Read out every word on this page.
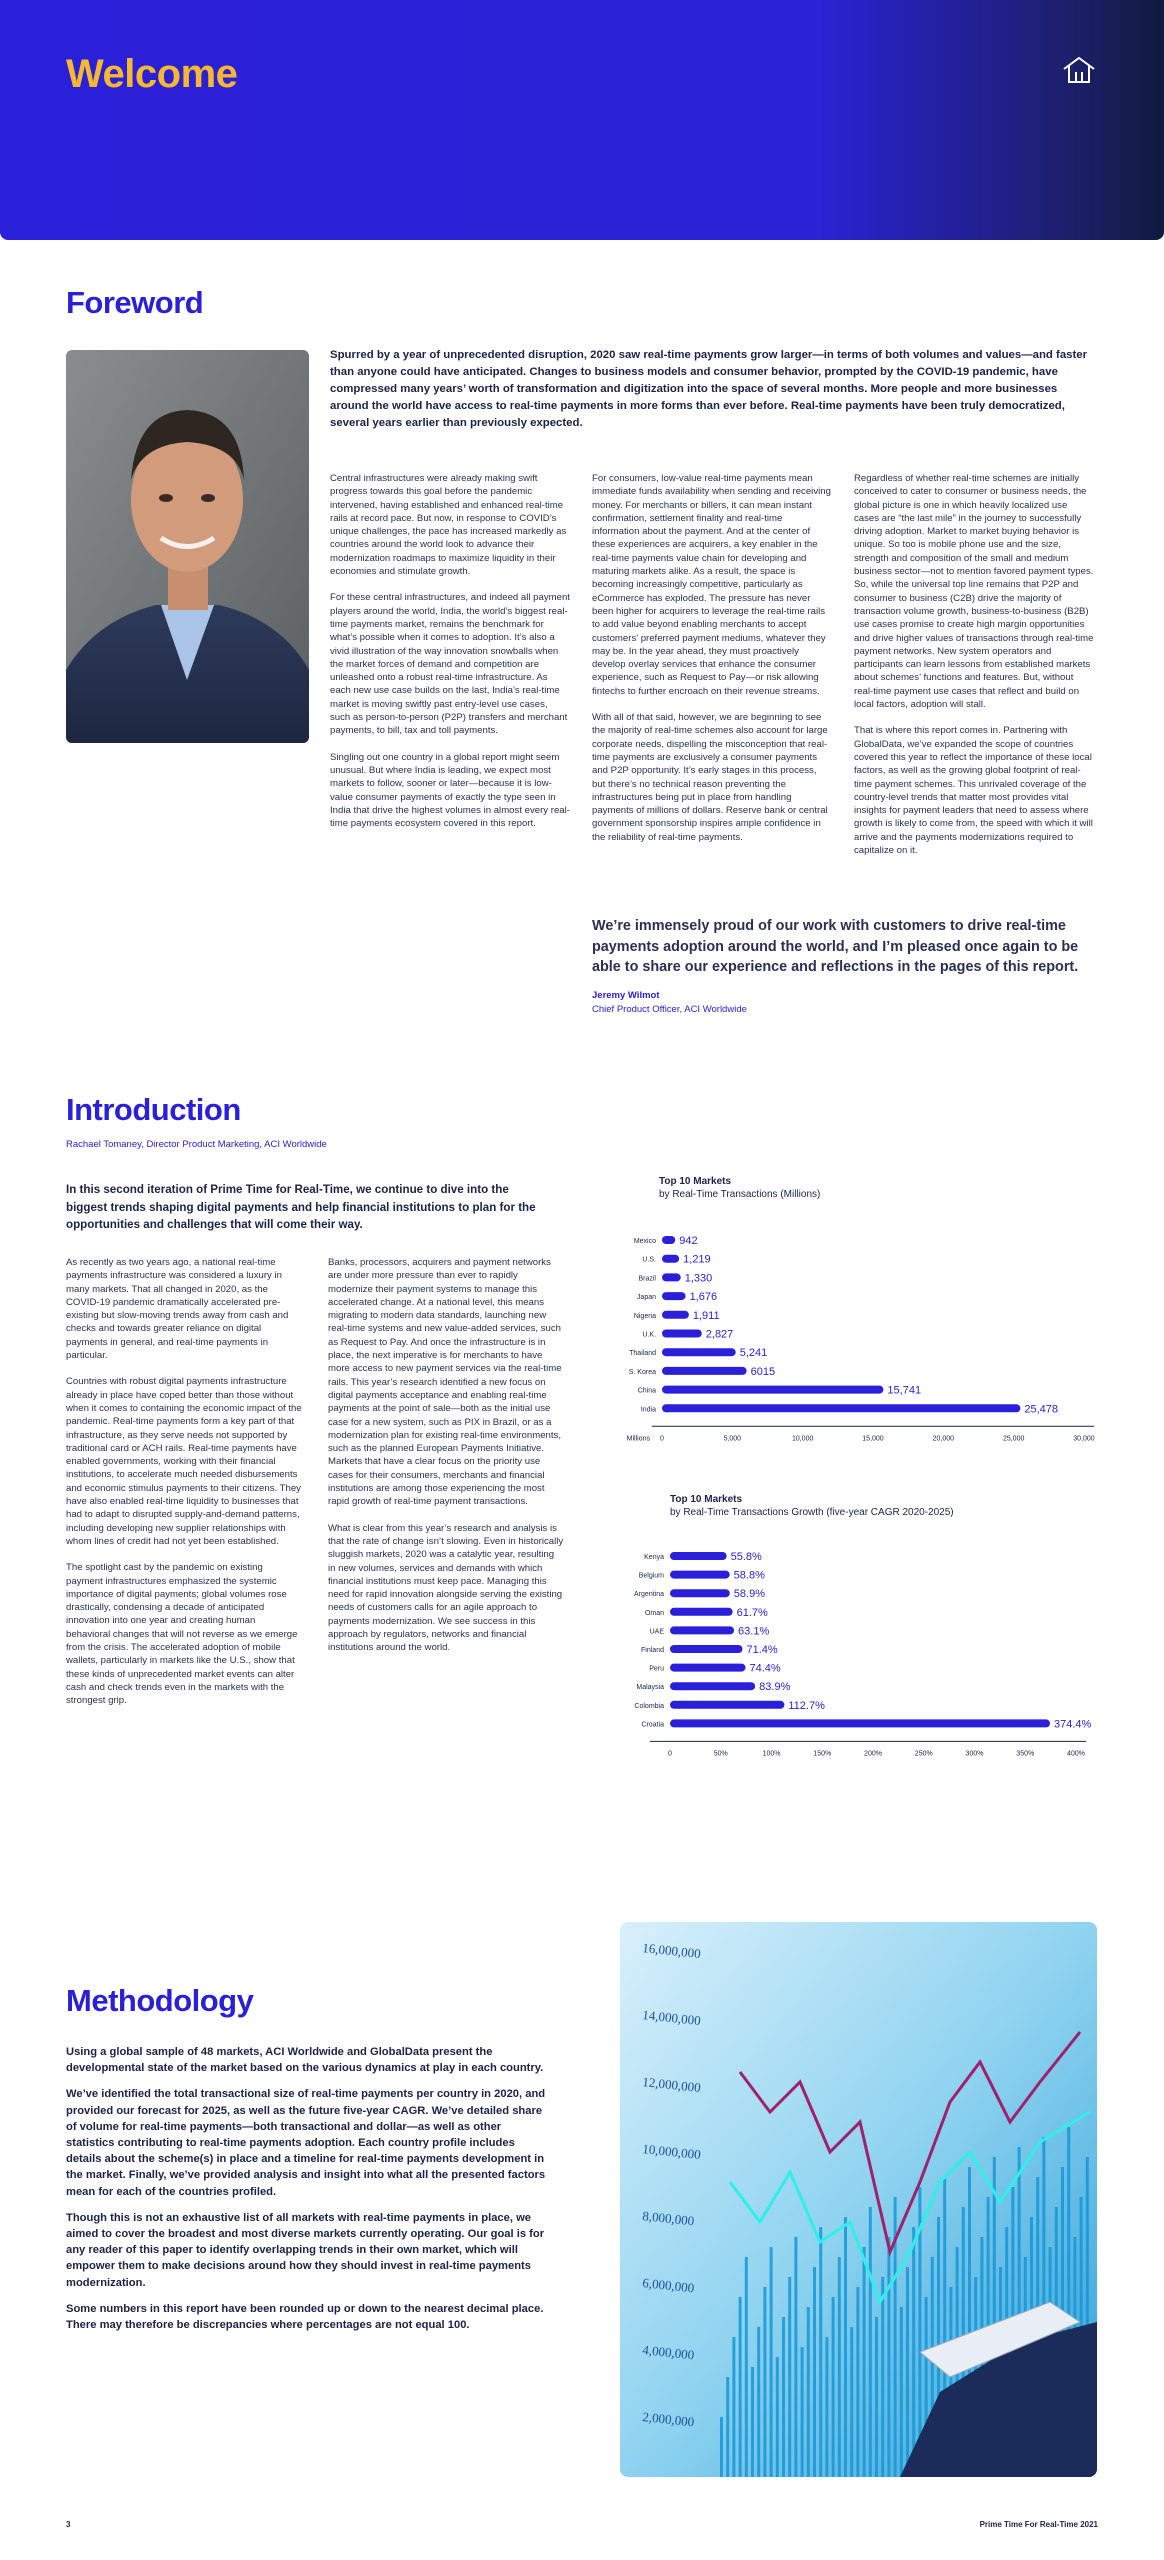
Welcome
Foreword
Spurred by a year of unprecedented disruption, 2020 saw real-time payments grow larger—in terms of both volumes and values—and faster than anyone could have anticipated. Changes to business models and consumer behavior, prompted by the COVID-19 pandemic, have compressed many years’ worth of transformation and digitization into the space of several months. More people and more businesses around the world have access to real-time payments in more forms than ever before. Real-time payments have been truly democratized, several years earlier than previously expected.

Central infrastructures were already making swift progress towards this goal before the pandemic intervened, having established and enhanced real-time rails at record pace. But now, in response to COVID’s unique challenges, the pace has increased markedly as countries around the world look to advance their modernization roadmaps to maximize liquidity in their economies and stimulate growth.

For these central infrastructures, and indeed all payment players around the world, India, the world’s biggest real-time payments market, remains the benchmark for what’s possible when it comes to adoption. It’s also a vivid illustration of the way innovation snowballs when the market forces of demand and competition are unleashed onto a robust real-time infrastructure. As each new use case builds on the last, India’s real-time market is moving swiftly past entry-level use cases, such as person-to-person (P2P) transfers and merchant payments, to bill, tax and toll payments.

Singling out one country in a global report might seem unusual. But where India is leading, we expect most markets to follow, sooner or later—because it is low-value consumer payments of exactly the type seen in India that drive the highest volumes in almost every real-time payments ecosystem covered in this report.

For consumers, low-value real-time payments mean immediate funds availability when sending and receiving money. For merchants or billers, it can mean instant confirmation, settlement finality and real-time information about the payment. And at the center of these experiences are acquirers, a key enabler in the real-time payments value chain for developing and maturing markets alike. As a result, the space is becoming increasingly competitive, particularly as eCommerce has exploded. The pressure has never been higher for acquirers to leverage the real-time rails to add value beyond enabling merchants to accept customers’ preferred payment mediums, whatever they may be. In the year ahead, they must proactively develop overlay services that enhance the consumer experience, such as Request to Pay—or risk allowing fintechs to further encroach on their revenue streams.

With all of that said, however, we are beginning to see the majority of real-time schemes also account for large corporate needs, dispelling the misconception that real-time payments are exclusively a consumer payments and P2P opportunity. It’s early stages in this process, but there’s no technical reason preventing the infrastructures being put in place from handling payments of millions of dollars. Reserve bank or central government sponsorship inspires ample confidence in the reliability of real-time payments.

Regardless of whether real-time schemes are initially conceived to cater to consumer or business needs, the global picture is one in which heavily localized use cases are “the last mile” in the journey to successfully driving adoption. Market to market buying behavior is unique. So too is mobile phone use and the size, strength and composition of the small and medium business sector—not to mention favored payment types. So, while the universal top line remains that P2P and consumer to business (C2B) drive the majority of transaction volume growth, business-to-business (B2B) use cases promise to create high margin opportunities and drive higher values of transactions through real-time payment networks. New system operators and participants can learn lessons from established markets about schemes’ functions and features. But, without real-time payment use cases that reflect and build on local factors, adoption will stall.

That is where this report comes in. Partnering with GlobalData, we’ve expanded the scope of countries covered this year to reflect the importance of these local factors, as well as the growing global footprint of real-time payment schemes. This unrivaled coverage of the country-level trends that matter most provides vital insights for payment leaders that need to assess where growth is likely to come from, the speed with which it will arrive and the payments modernizations required to capitalize on it.

We’re immensely proud of our work with customers to drive real-time payments adoption around the world, and I’m pleased once again to be able to share our experience and reflections in the pages of this report.
Jeremy Wilmot
Chief Product Officer, ACI Worldwide
Introduction
Rachael Tomaney, Director Product Marketing, ACI Worldwide
In this second iteration of Prime Time for Real-Time, we continue to dive into the biggest trends shaping digital payments and help financial institutions to plan for the opportunities and challenges that will come their way.

As recently as two years ago, a national real-time payments infrastructure was considered a luxury in many markets. That all changed in 2020, as the COVID-19 pandemic dramatically accelerated pre-existing but slow-moving trends away from cash and checks and towards greater reliance on digital payments in general, and real-time payments in particular.

Countries with robust digital payments infrastructure already in place have coped better than those without when it comes to containing the economic impact of the pandemic. Real-time payments form a key part of that infrastructure, as they serve needs not supported by traditional card or ACH rails. Real-time payments have enabled governments, working with their financial institutions, to accelerate much needed disbursements and economic stimulus payments to their citizens. They have also enabled real-time liquidity to businesses that had to adapt to disrupted supply-and-demand patterns, including developing new supplier relationships with whom lines of credit had not yet been established.

The spotlight cast by the pandemic on existing payment infrastructures emphasized the systemic importance of digital payments; global volumes rose drastically, condensing a decade of anticipated innovation into one year and creating human behavioral changes that will not reverse as we emerge from the crisis. The accelerated adoption of mobile wallets, particularly in markets like the U.S., show that these kinds of unprecedented market events can alter cash and check trends even in the markets with the strongest grip.

Banks, processors, acquirers and payment networks are under more pressure than ever to rapidly modernize their payment systems to manage this accelerated change. At a national level, this means migrating to modern data standards, launching new real-time systems and new value-added services, such as Request to Pay. And once the infrastructure is in place, the next imperative is for merchants to have more access to new payment services via the real-time rails. This year’s research identified a new focus on digital payments acceptance and enabling real-time payments at the point of sale—both as the initial use case for a new system, such as PIX in Brazil, or as a modernization plan for existing real-time environments, such as the planned European Payments Initiative. Markets that have a clear focus on the priority use cases for their consumers, merchants and financial institutions are among those experiencing the most rapid growth of real-time payment transactions.

What is clear from this year’s research and analysis is that the rate of change isn’t slowing. Even in historically sluggish markets, 2020 was a catalytic year, resulting in new volumes, services and demands with which financial institutions must keep pace. Managing this need for rapid innovation alongside serving the existing needs of customers calls for an agile approach to payments modernization. We see success in this approach by regulators, networks and financial institutions around the world.

Top 10 Markets
by Real-Time Transactions (Millions)
Mexico 942
U.S. 1,219
Brazil	1,330
Japan	1,676
Nigeria	1,911
U.K.	2,827
Thailand	5,241
S. Korea	6015
China	15,741
India	25,478
0	5,000	10,000	15,000	20,000	25,000	30,000
Millions
Top 10 Markets
by Real-Time Transactions Growth (five-year CAGR 2020-2025)
Kenya	55.8%
Belgium	58.8%
Argentina	58.9%
Oman	61.7%
UAE	63.1%
Finland	71.4%
Peru	74.4%
Malaysia	83.9%
Colombia	112.7%
Croatia	374.4%
0	50%	100%	150%	200%	250%	300%	350%	400%
Methodology

Using a global sample of 48 markets, ACI Worldwide and GlobalData present the developmental state of the market based on the various dynamics at play in each country.

We’ve identified the total transactional size of real-time payments per country in 2020, and provided our forecast for 2025, as well as the future five-year CAGR. We’ve detailed share of volume for real-time payments—both transactional and dollar—as well as other statistics contributing to real-time payments adoption. Each country profile includes details about the scheme(s) in place and a timeline for real-time payments development in the market. Finally, we’ve provided analysis and insight into what all the presented factors mean for each of the countries profiled.

Though this is not an exhaustive list of all markets with real-time payments in place, we aimed to cover the broadest and most diverse markets currently operating. Our goal is for any reader of this paper to identify overlapping trends in their own market, which will empower them to make decisions around how they should invest in real-time payments modernization.

Some numbers in this report have been rounded up or down to the nearest decimal place. There may therefore be discrepancies where percentages are not equal 100.

16,000,000
14,000,000
12,000,000
10,000,000
8,000,000
6,000,000
4,000,000
2,000,000
3	Prime Time For Real-Time 2021
